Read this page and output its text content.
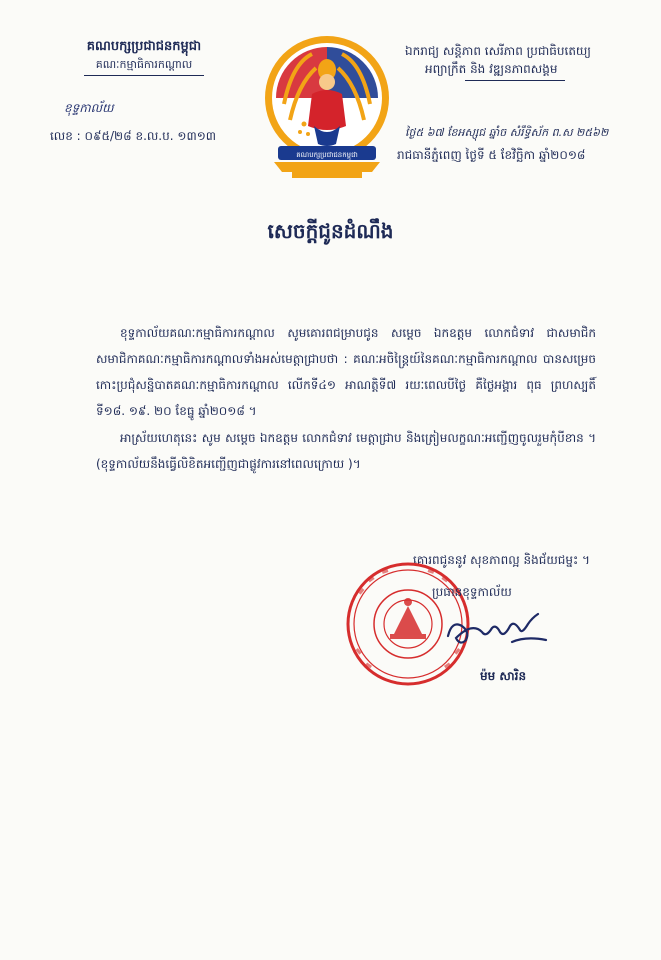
គណបក្សប្រជាជនកម្ពុជា

គណៈកម្មាធិការកណ្ដាល

ខុទ្ទកាល័យ
លេខ : ០៩៥/២៨ ខ.ល.ប. ១៣១៣
គណបក្សប្រជាជនកម្ពុជា

ឯករាជ្យ សន្តិភាព សេរីភាព ប្រជាធិបតេយ្យ

អព្យាក្រឹត និង វឌ្ឍនភាពសង្គម

ថ្ងៃ៥ ៦៧ ខែអស្សុជ ឆ្នាំច សំរឹទ្ធិស័ក ព.ស ២៥៦២
រាជធានីភ្នំពេញ ថ្ងៃទី ៥ ខែវិច្ឆិកា ឆ្នាំ២០១៨
សេចក្តីជូនដំណឹង

ខុទ្ទកាល័យគណៈកម្មាធិការកណ្ដាល សូមគោរពជម្រាបជូន សម្ដេច ឯកឧត្តម លោកជំទាវ ជាសមាជិក សមាជិកាគណៈកម្មាធិការកណ្ដាលទាំងអស់មេត្តាជ្រាបថា : គណៈអចិន្ត្រៃយ៍នៃគណៈកម្មាធិការកណ្ដាល បានសម្រេច កោះប្រជុំសន្និបាតគណៈកម្មាធិការកណ្ដាល លើកទី៤១ អាណត្តិទី៧ រយៈពេលបីថ្ងៃ គឺថ្ងៃអង្គារ ពុធ ព្រហស្បតិ៍ ទី១៨. ១៩. ២០ ខែធ្នូ ឆ្នាំ២០១៨ ។

អាស្រ័យហេតុនេះ សូម សម្ដេច ឯកឧត្តម លោកជំទាវ មេត្តាជ្រាប និងត្រៀមលក្ខណៈអញ្ជើញចូលរួមកុំបីខាន ។ (ខុទ្ទកាល័យនឹងធ្វើលិខិតអញ្ជើញជាផ្លូវការនៅពេលក្រោយ )។

គោរពជូននូវ សុខភាពល្អ និងជ័យជម្នះ ។
ប្រធានខុទ្ទកាល័យ
ម៉ម សារិន
